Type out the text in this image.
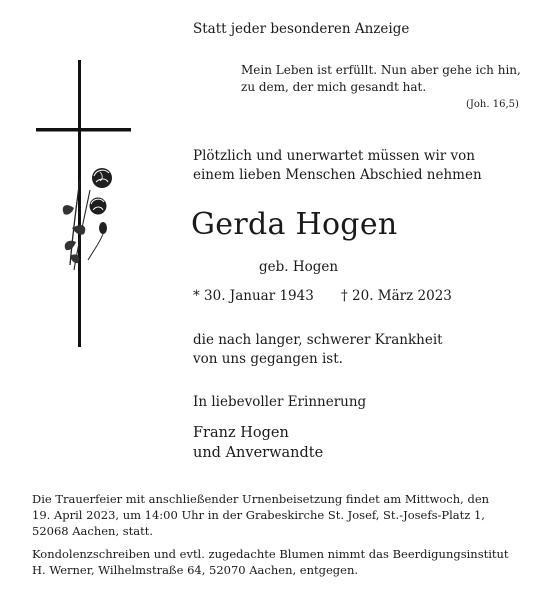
Statt jeder besonderen Anzeige
Mein Leben ist erfüllt. Nun aber gehe ich hin,
zu dem, der mich gesandt hat.
(Joh. 16,5)
Plötzlich und unerwartet müssen wir von
einem lieben Menschen Abschied nehmen
Gerda Hogen
geb. Hogen
* 30. Januar 1943 † 20. März 2023
die nach langer, schwerer Krankheit
von uns gegangen ist.
In liebevoller Erinnerung
Franz Hogen
und Anverwandte
Die Trauerfeier mit anschließender Urnenbeisetzung findet am Mittwoch, den
19. April 2023, um 14:00 Uhr in der Grabeskirche St. Josef, St.-Josefs-Platz 1,
52068 Aachen, statt.
Kondolenzschreiben und evtl. zugedachte Blumen nimmt das Beerdigungsinstitut
H. Werner, Wilhelmstraße 64, 52070 Aachen, entgegen.
